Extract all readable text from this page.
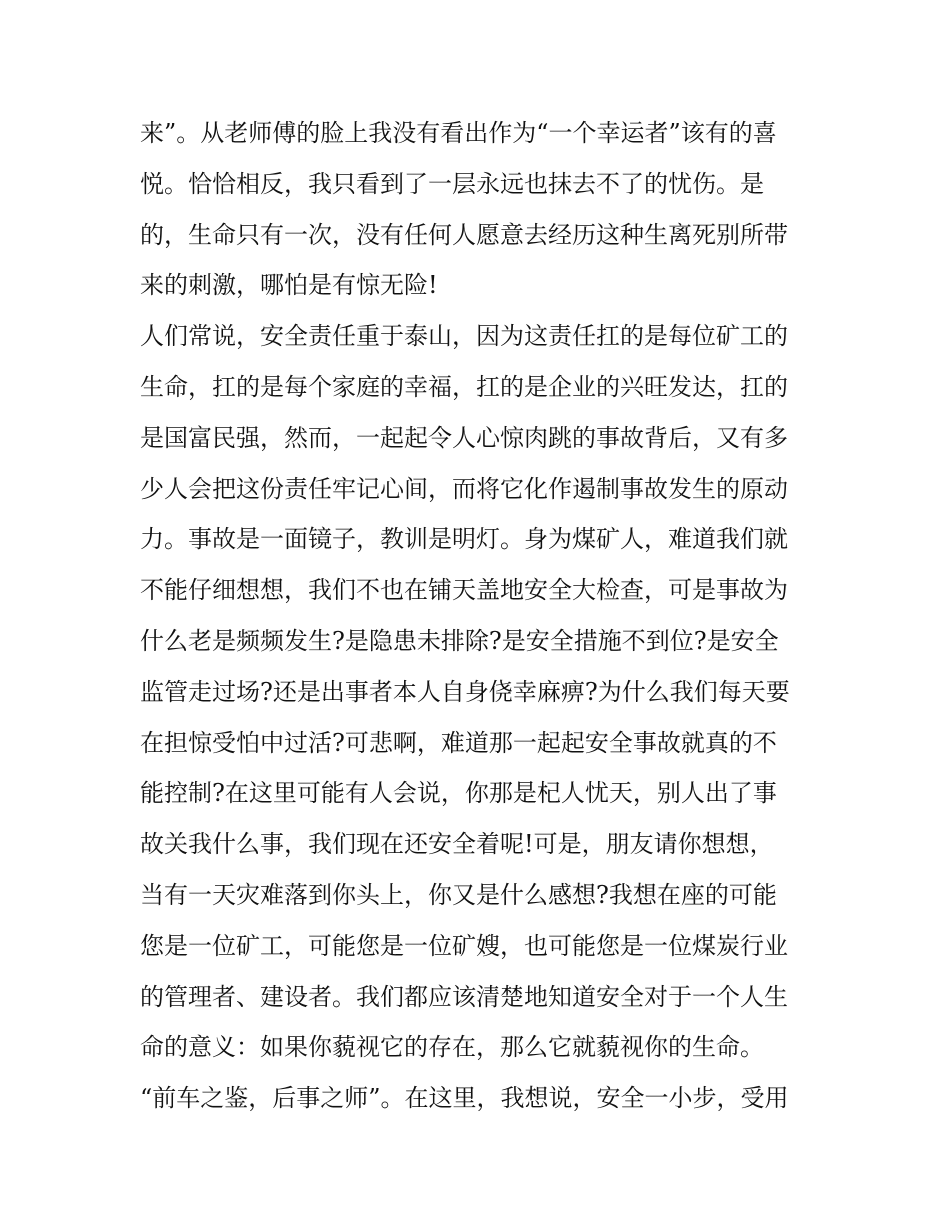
来”。从老师傅的脸上我没有看出作为“一个幸运者”该有的喜
悦。恰恰相反，我只看到了一层永远也抹去不了的忧伤。是
的，生命只有一次，没有任何人愿意去经历这种生离死别所带
来的刺激，哪怕是有惊无险!
人们常说，安全责任重于泰山，因为这责任扛的是每位矿工的
生命，扛的是每个家庭的幸福，扛的是企业的兴旺发达，扛的
是国富民强，然而，一起起令人心惊肉跳的事故背后，又有多
少人会把这份责任牢记心间，而将它化作遏制事故发生的原动
力。事故是一面镜子，教训是明灯。身为煤矿人，难道我们就
不能仔细想想，我们不也在铺天盖地安全大检查，可是事故为
什么老是频频发生?是隐患未排除?是安全措施不到位?是安全
监管走过场?还是出事者本人自身侥幸麻痹?为什么我们每天要
在担惊受怕中过活?可悲啊，难道那一起起安全事故就真的不
能控制?在这里可能有人会说，你那是杞人忧天，别人出了事
故关我什么事，我们现在还安全着呢!可是，朋友请你想想，
当有一天灾难落到你头上，你又是什么感想?我想在座的可能
您是一位矿工，可能您是一位矿嫂，也可能您是一位煤炭行业
的管理者、建设者。我们都应该清楚地知道安全对于一个人生
命的意义：如果你藐视它的存在，那么它就藐视你的生命。
“前车之鉴，后事之师”。在这里，我想说，安全一小步，受用
